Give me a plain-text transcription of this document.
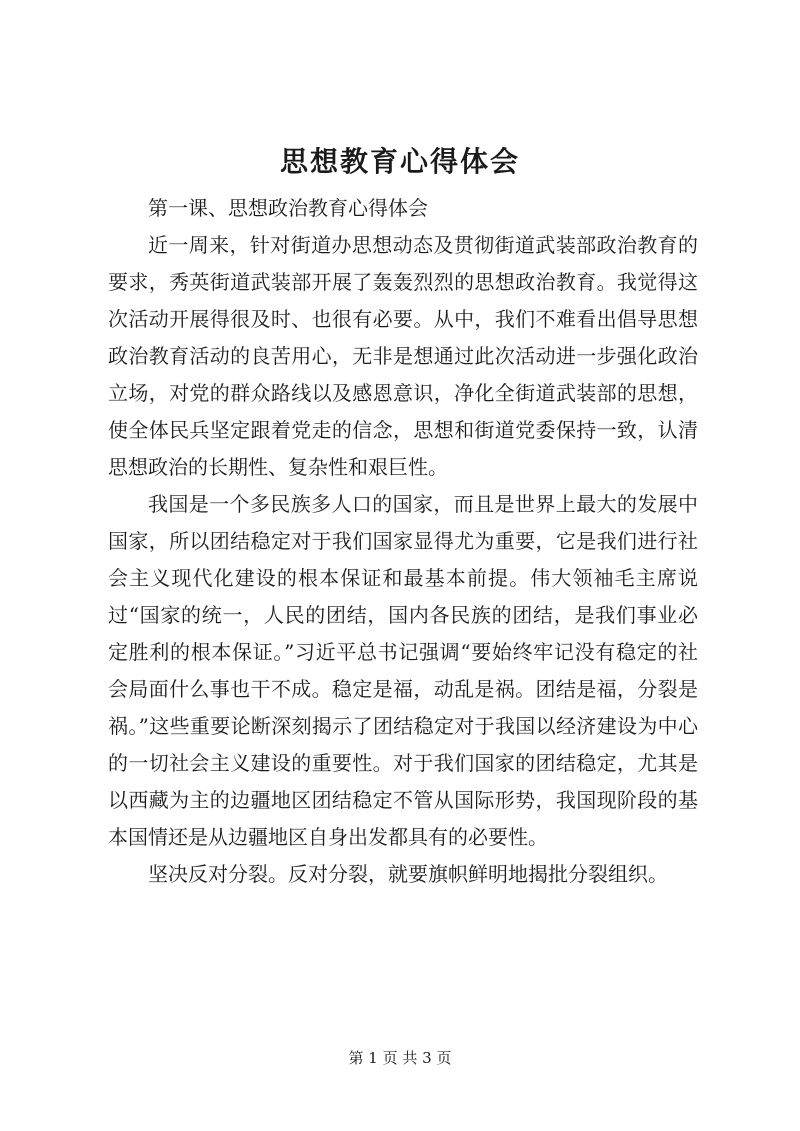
思想教育心得体会

第一课、思想政治教育心得体会

近一周来，针对街道办思想动态及贯彻街道武装部政治教育的要求，秀英街道武装部开展了轰轰烈烈的思想政治教育。我觉得这次活动开展得很及时、也很有必要。从中，我们不难看出倡导思想政治教育活动的良苦用心，无非是想通过此次活动进一步强化政治立场，对党的群众路线以及感恩意识，净化全街道武装部的思想，使全体民兵坚定跟着党走的信念，思想和街道党委保持一致，认清思想政治的长期性、复杂性和艰巨性。

我国是一个多民族多人口的国家，而且是世界上最大的发展中国家，所以团结稳定对于我们国家显得尤为重要，它是我们进行社会主义现代化建设的根本保证和最基本前提。伟大领袖毛主席说过“国家的统一，人民的团结，国内各民族的团结，是我们事业必定胜利的根本保证。”习近平总书记强调“要始终牢记没有稳定的社会局面什么事也干不成。稳定是福，动乱是祸。团结是福，分裂是祸。”这些重要论断深刻揭示了团结稳定对于我国以经济建设为中心的一切社会主义建设的重要性。对于我们国家的团结稳定，尤其是以西藏为主的边疆地区团结稳定不管从国际形势，我国现阶段的基本国情还是从边疆地区自身出发都具有的必要性。

坚决反对分裂。反对分裂，就要旗帜鲜明地揭批分裂组织。

第 1 页 共 3 页
